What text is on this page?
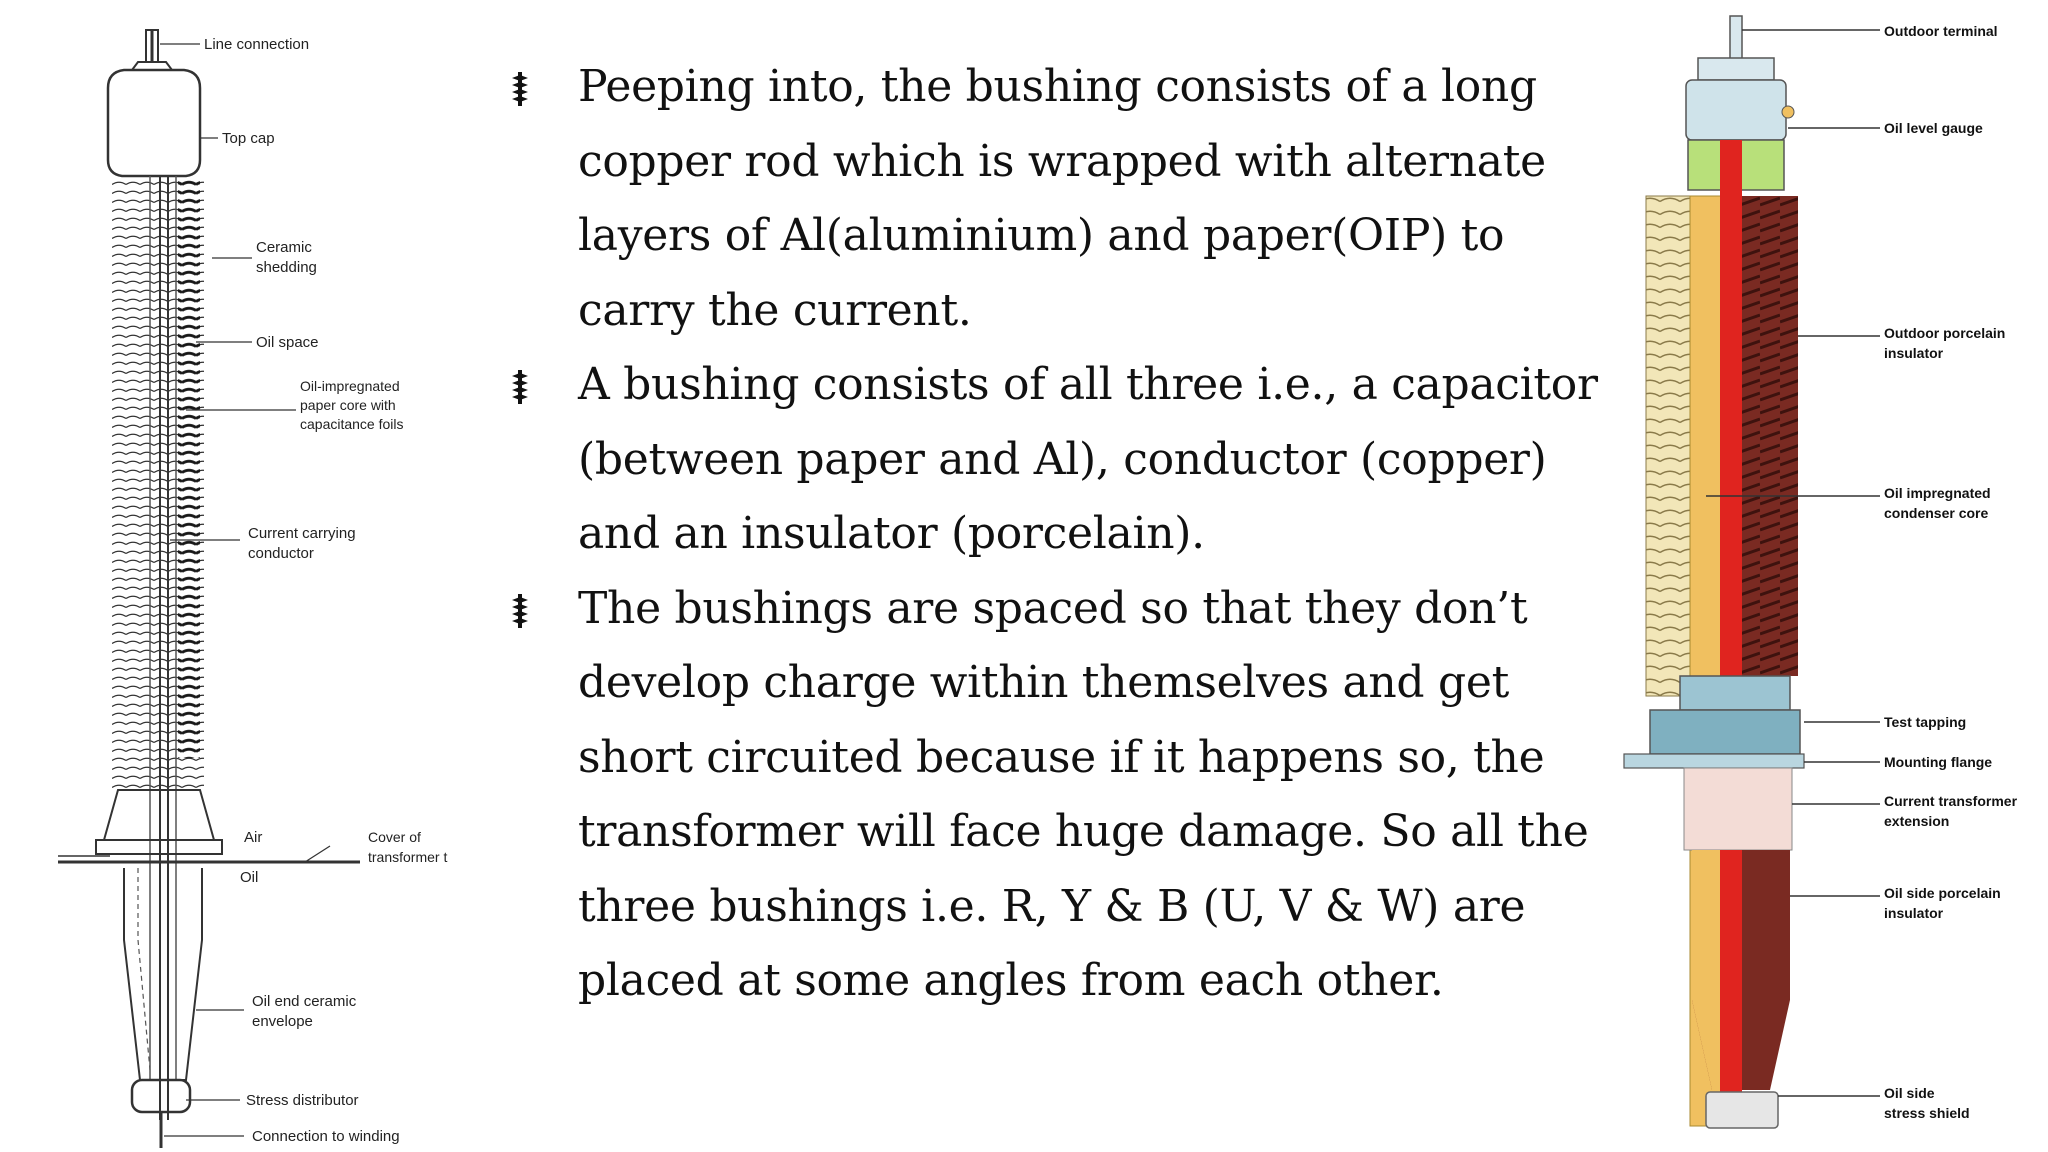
Line connection
Top cap
Ceramic
shedding
Oil space
Oil-impregnated
paper core with
capacitance foils
Current carrying
conductor
Air
Oil
Cover of
transformer t
Oil end ceramic
envelope
Stress distributor
Connection to winding
Peeping into, the bushing consists of a long copper rod which is wrapped with alternate layers of Al(aluminium) and paper(OIP) to carry the current.
A bushing consists of all three i.e., a capacitor (between paper and Al), conductor (copper) and an insulator (porcelain).
The bushings are spaced so that they don’t develop charge within themselves and get short circuited because if it happens so, the transformer will face huge damage. So all the three bushings i.e. R, Y & B (U, V & W) are placed at some angles from each other.
Outdoor terminal
Oil level gauge
Outdoor porcelain
insulator
Oil impregnated
condenser core
Test tapping
Mounting flange
Current transformer
extension
Oil side porcelain
insulator
Oil side
stress shield
